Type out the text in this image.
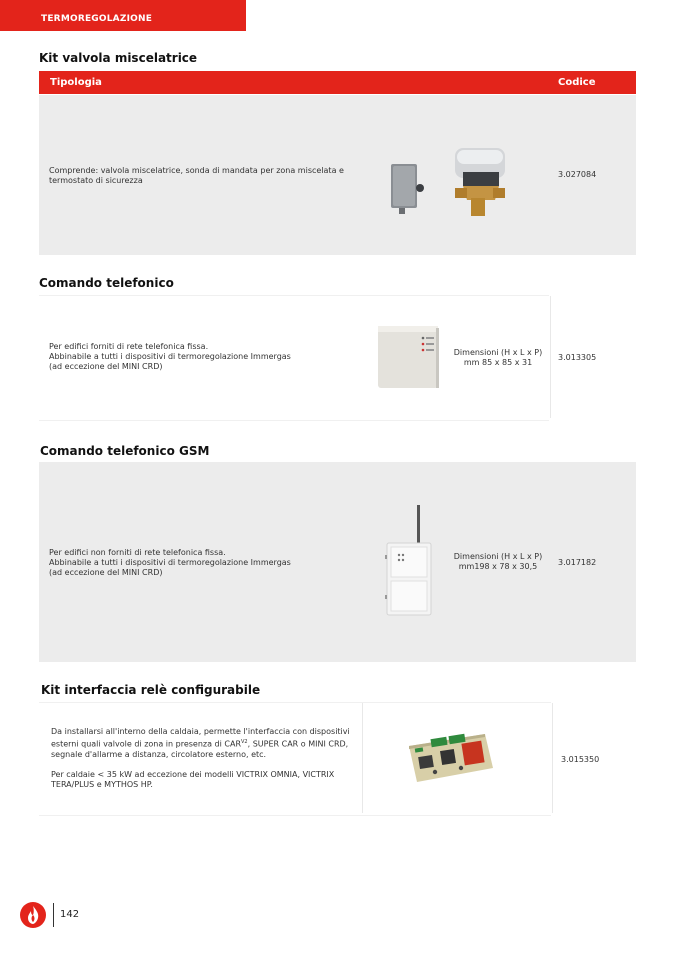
TERMOREGOLAZIONE
Kit valvola miscelatrice
Tipologia	Codice
Comprende: valvola miscelatrice, sonda di mandata per zona miscelata e termostato di sicurezza
3.027084
Comando telefonico
Per edifici forniti di rete telefonica fissa.
Abbinabile a tutti i dispositivi di termoregolazione Immergas
(ad eccezione del MINI CRD)
Dimensioni (H x L x P)
mm 85 x 85 x 31
3.013305
Comando telefonico GSM
Per edifici non forniti di rete telefonica fissa.
Abbinabile a tutti i dispositivi di termoregolazione Immergas
(ad eccezione del MINI CRD)
Dimensioni (H x L x P)
mm198 x 78 x 30,5	3.017182
Kit interfaccia relè configurabile
Da installarsi all'interno della caldaia, permette l'interfaccia con dispositivi esterni quali valvole di zona in presenza di $CAR^{V2}$, SUPER CAR o MINI CRD, segnale d'allarme a distanza, circolatore esterno, etc.
Per caldaie < 35 kW ad eccezione dei modelli VICTRIX OMNIA, VICTRIX TERA/PLUS e MYTHOS HP.
3.015350
142
